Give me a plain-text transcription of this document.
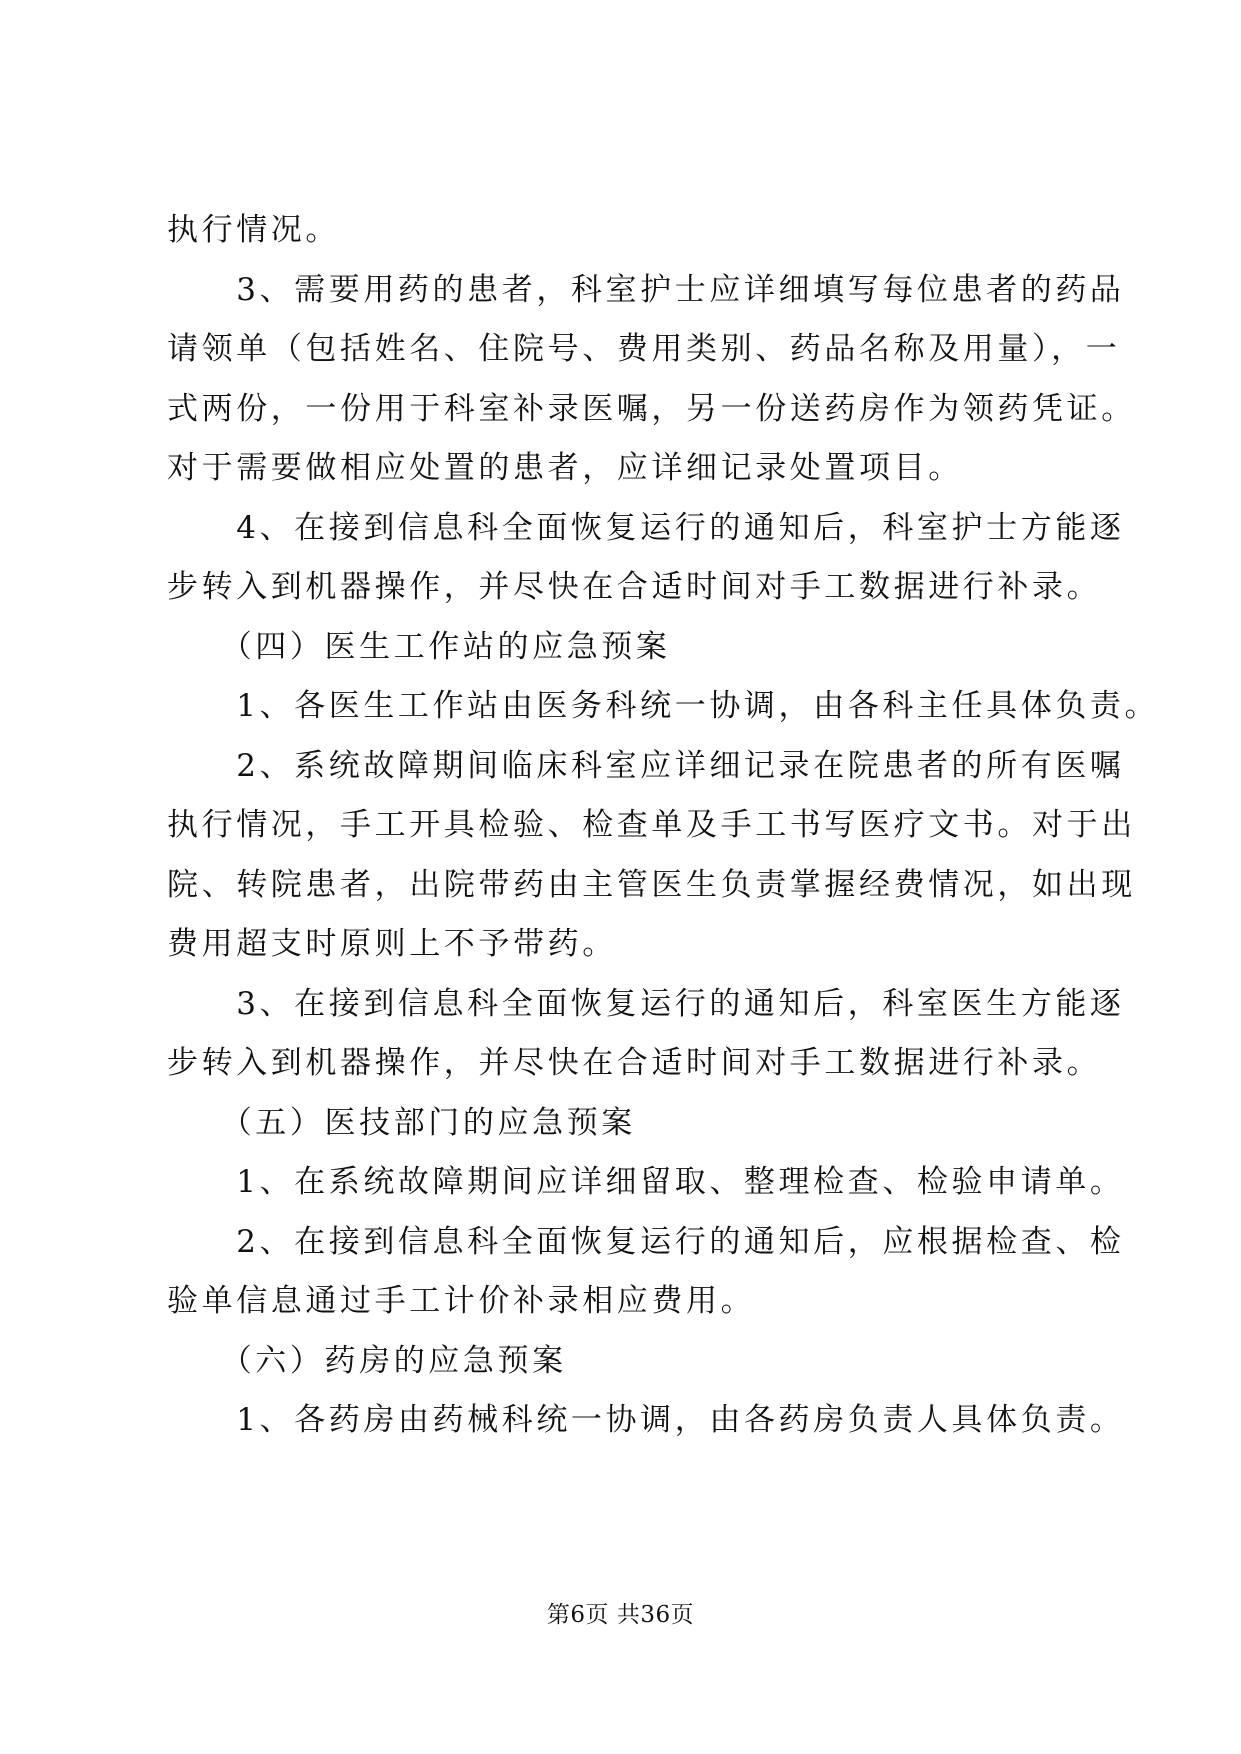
执行情况。
　　3、需要用药的患者，科室护士应详细填写每位患者的药品
请领单（包括姓名、住院号、费用类别、药品名称及用量），一
式两份，一份用于科室补录医嘱，另一份送药房作为领药凭证。
对于需要做相应处置的患者，应详细记录处置项目。
　　4、在接到信息科全面恢复运行的通知后，科室护士方能逐
步转入到机器操作，并尽快在合适时间对手工数据进行补录。
　　（四）医生工作站的应急预案
　　1、各医生工作站由医务科统一协调，由各科主任具体负责。
　　2、系统故障期间临床科室应详细记录在院患者的所有医嘱
执行情况，手工开具检验、检查单及手工书写医疗文书。对于出
院、转院患者，出院带药由主管医生负责掌握经费情况，如出现
费用超支时原则上不予带药。
　　3、在接到信息科全面恢复运行的通知后，科室医生方能逐
步转入到机器操作，并尽快在合适时间对手工数据进行补录。
　　（五）医技部门的应急预案
　　1、在系统故障期间应详细留取、整理检查、检验申请单。
　　2、在接到信息科全面恢复运行的通知后，应根据检查、检
验单信息通过手工计价补录相应费用。
　　（六）药房的应急预案
　　1、各药房由药械科统一协调，由各药房负责人具体负责。
第6页 共36页
